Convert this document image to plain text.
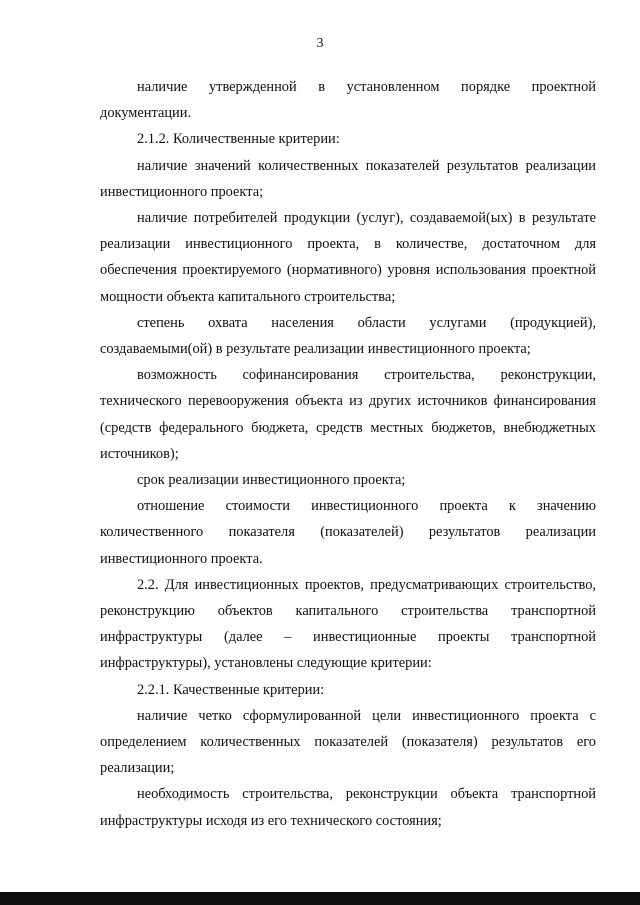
3

наличие утвержденной в установленном порядке проектной документации.

2.1.2. Количественные критерии:

наличие значений количественных показателей результатов реализации инвестиционного проекта;

наличие потребителей продукции (услуг), создаваемой(ых) в результате реализации инвестиционного проекта, в количестве, достаточном для обеспечения проектируемого (нормативного) уровня использования проектной мощности объекта капитального строительства;

степень охвата населения области услугами (продукцией), создаваемыми(ой) в результате реализации инвестиционного проекта;

возможность софинансирования строительства, реконструкции, технического перевооружения объекта из других источников финансирования (средств федерального бюджета, средств местных бюджетов, внебюджетных источников);

срок реализации инвестиционного проекта;

отношение стоимости инвестиционного проекта к значению количественного показателя (показателей) результатов реализации инвестиционного проекта.

2.2. Для инвестиционных проектов, предусматривающих строительство, реконструкцию объектов капитального строительства транспортной инфраструктуры (далее – инвестиционные проекты транспортной инфраструктуры), установлены следующие критерии:

2.2.1. Качественные критерии:

наличие четко сформулированной цели инвестиционного проекта с определением количественных показателей (показателя) результатов его реализации;

необходимость строительства, реконструкции объекта транспортной инфраструктуры исходя из его технического состояния;
